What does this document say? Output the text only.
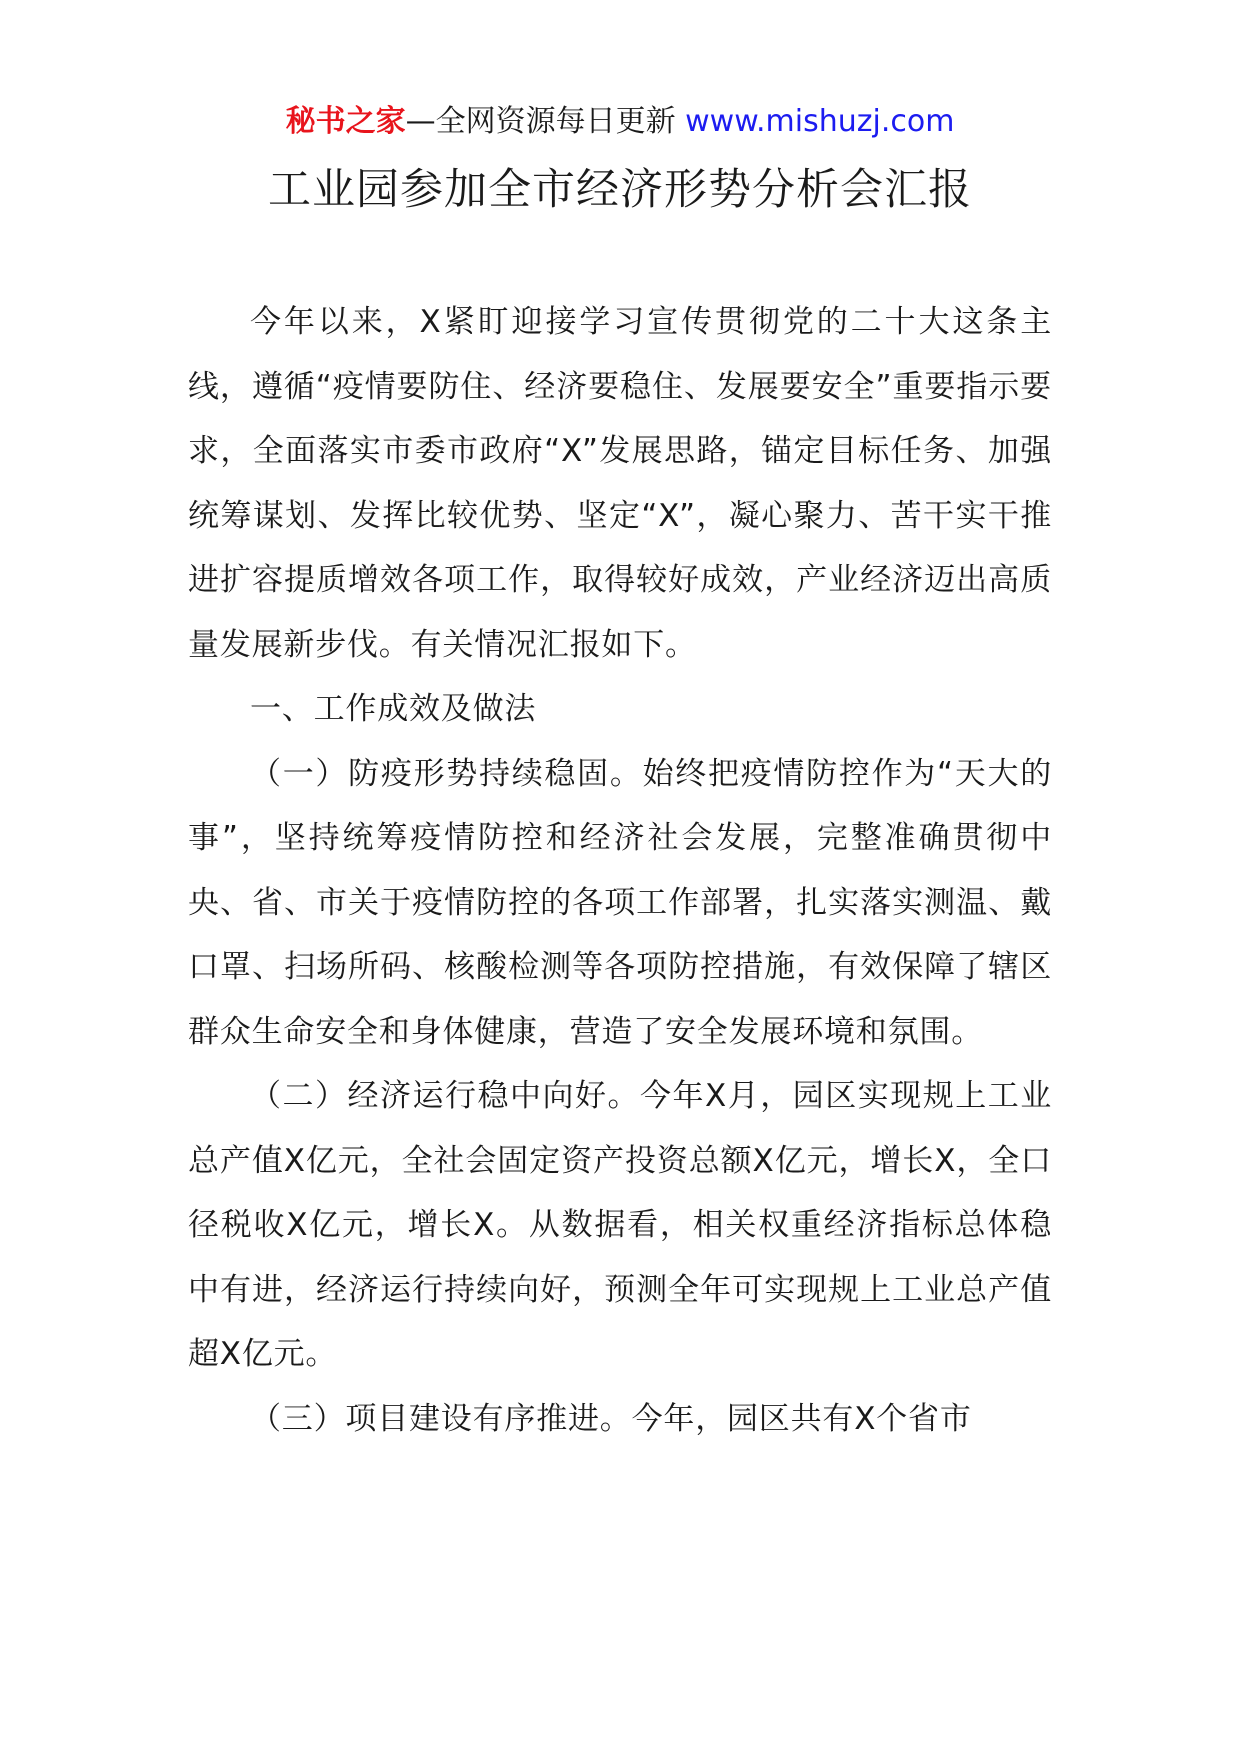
秘书之家—全网资源每日更新 www.mishuzj.com
工业园参加全市经济形势分析会汇报

今年以来，X紧盯迎接学习宣传贯彻党的二十大这条主线，遵循“疫情要防住、经济要稳住、发展要安全”重要指示要求，全面落实市委市政府“X”发展思路，锚定目标任务、加强统筹谋划、发挥比较优势、坚定“X”，凝心聚力、苦干实干推进扩容提质增效各项工作，取得较好成效，产业经济迈出高质量发展新步伐。有关情况汇报如下。

一、工作成效及做法

（一）防疫形势持续稳固。始终把疫情防控作为“天大的事”，坚持统筹疫情防控和经济社会发展，完整准确贯彻中央、省、市关于疫情防控的各项工作部署，扎实落实测温、戴口罩、扫场所码、核酸检测等各项防控措施，有效保障了辖区群众生命安全和身体健康，营造了安全发展环境和氛围。

（二）经济运行稳中向好。今年X月，园区实现规上工业总产值X亿元，全社会固定资产投资总额X亿元，增长X，全口径税收X亿元，增长X。从数据看，相关权重经济指标总体稳中有进，经济运行持续向好，预测全年可实现规上工业总产值超X亿元。

（三）项目建设有序推进。今年，园区共有X个省市
